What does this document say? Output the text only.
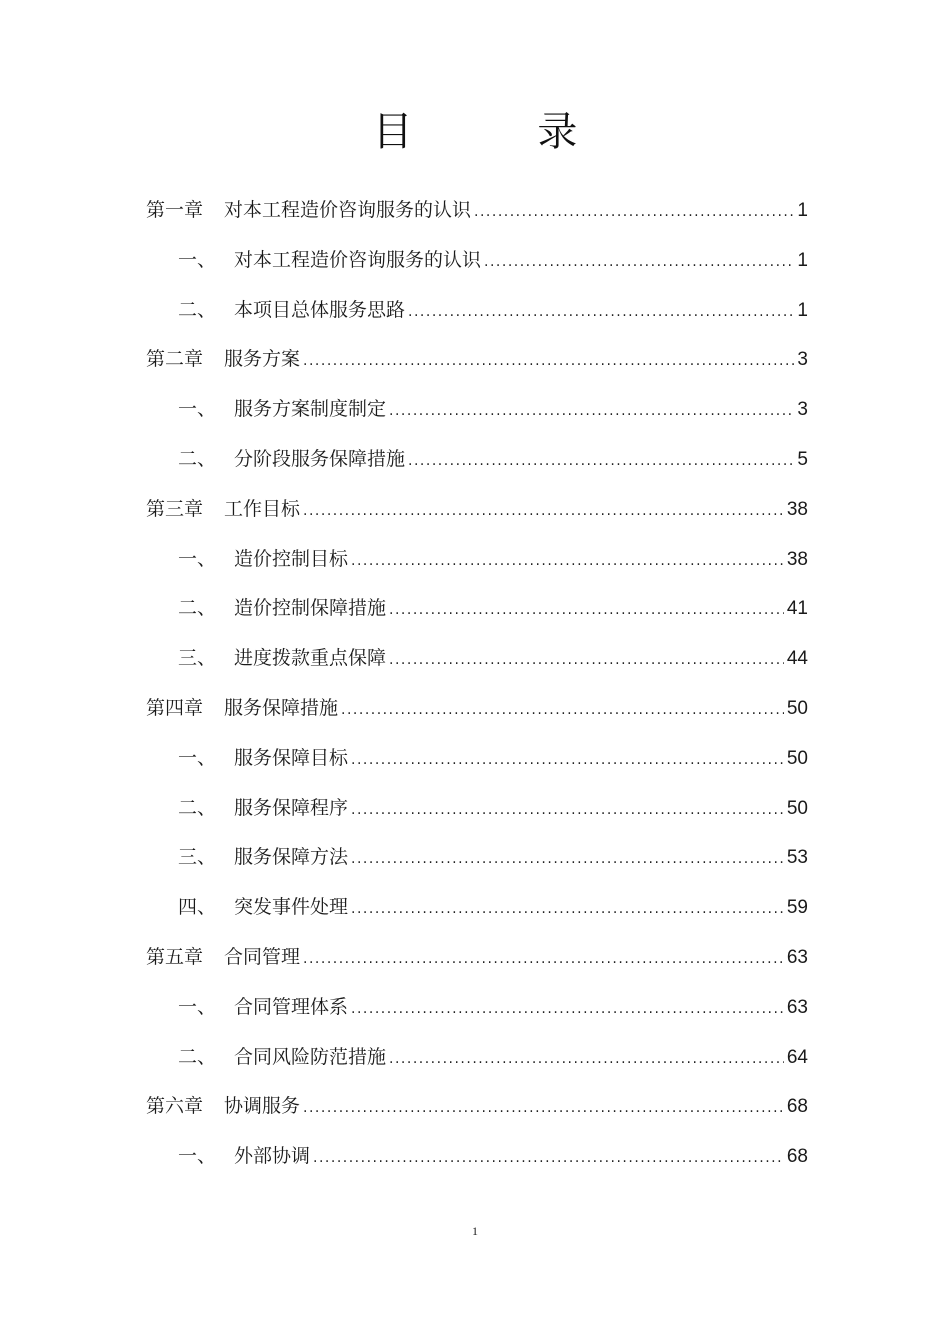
目 录
第一章	对本工程造价咨询服务的认识 .....	1
一、 对本工程造价咨询服务的认识 .....	1
二、 本项目总体服务思路 .....	1
第二章	服务方案 .....	3
一、 服务方案制度制定 .....	3
二、 分阶段服务保障措施 .....	5
第三章	工作目标 .....	38
一、 造价控制目标 .....	38
二、 造价控制保障措施 .....	41
三、 进度拨款重点保障 .....	44
第四章	服务保障措施 .....	50
一、 服务保障目标 .....	50
二、 服务保障程序 .....	50
三、 服务保障方法 .....	53
四、 突发事件处理 .....	59
第五章	合同管理 .....	63
一、 合同管理体系 .....	63
二、 合同风险防范措施 .....	64
第六章	协调服务 .....	68
一、 外部协调 .....	68
1
